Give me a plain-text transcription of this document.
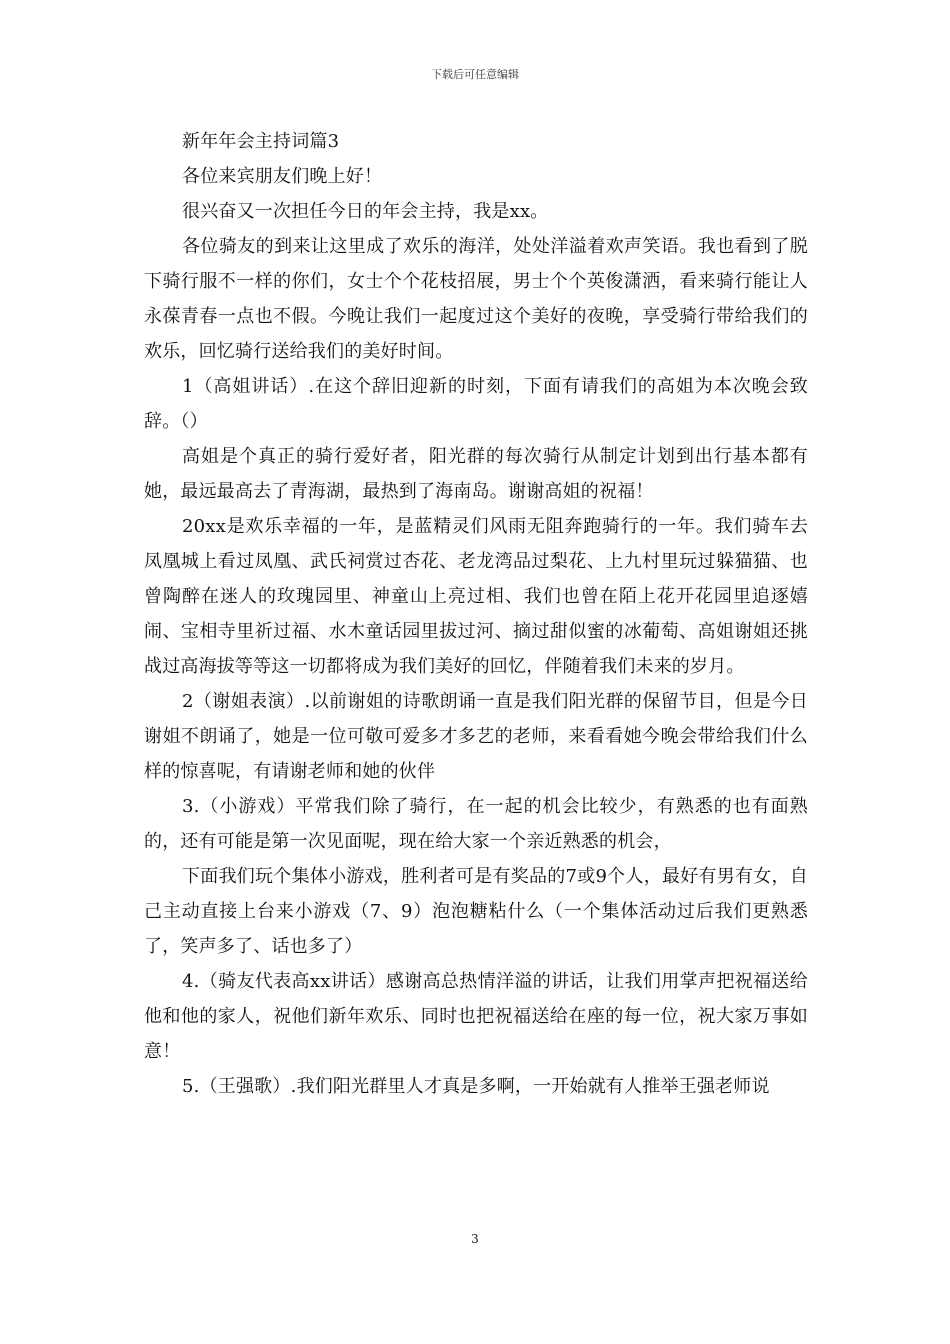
下载后可任意编辑

新年年会主持词篇3

各位来宾朋友们晚上好！

很兴奋又一次担任今日的年会主持，我是xx。

各位骑友的到来让这里成了欢乐的海洋，处处洋溢着欢声笑语。我也看到了脱下骑行服不一样的你们，女士个个花枝招展，男士个个英俊潇洒，看来骑行能让人永葆青春一点也不假。今晚让我们一起度过这个美好的夜晚，享受骑行带给我们的欢乐，回忆骑行送给我们的美好时间。

1（高姐讲话）.在这个辞旧迎新的时刻，下面有请我们的高姐为本次晚会致辞。（）

高姐是个真正的骑行爱好者，阳光群的每次骑行从制定计划到出行基本都有她，最远最高去了青海湖，最热到了海南岛。谢谢高姐的祝福！

20xx是欢乐幸福的一年，是蓝精灵们风雨无阻奔跑骑行的一年。我们骑车去凤凰城上看过凤凰、武氏祠赏过杏花、老龙湾品过梨花、上九村里玩过躲猫猫、也曾陶醉在迷人的玫瑰园里、神童山上亮过相、我们也曾在陌上花开花园里追逐嬉闹、宝相寺里祈过福、水木童话园里拔过河、摘过甜似蜜的冰葡萄、高姐谢姐还挑战过高海拔等等这一切都将成为我们美好的回忆，伴随着我们未来的岁月。

2（谢姐表演）.以前谢姐的诗歌朗诵一直是我们阳光群的保留节目，但是今日谢姐不朗诵了，她是一位可敬可爱多才多艺的老师，来看看她今晚会带给我们什么样的惊喜呢，有请谢老师和她的伙伴

3.（小游戏）平常我们除了骑行，在一起的机会比较少，有熟悉的也有面熟的，还有可能是第一次见面呢，现在给大家一个亲近熟悉的机会，

下面我们玩个集体小游戏，胜利者可是有奖品的7或9个人，最好有男有女，自己主动直接上台来小游戏（7、9）泡泡糖粘什么（一个集体活动过后我们更熟悉了，笑声多了、话也多了）

4.（骑友代表高xx讲话）感谢高总热情洋溢的讲话，让我们用掌声把祝福送给他和他的家人，祝他们新年欢乐、同时也把祝福送给在座的每一位，祝大家万事如意！

5.（王强歌）.我们阳光群里人才真是多啊，一开始就有人推举王强老师说

3
